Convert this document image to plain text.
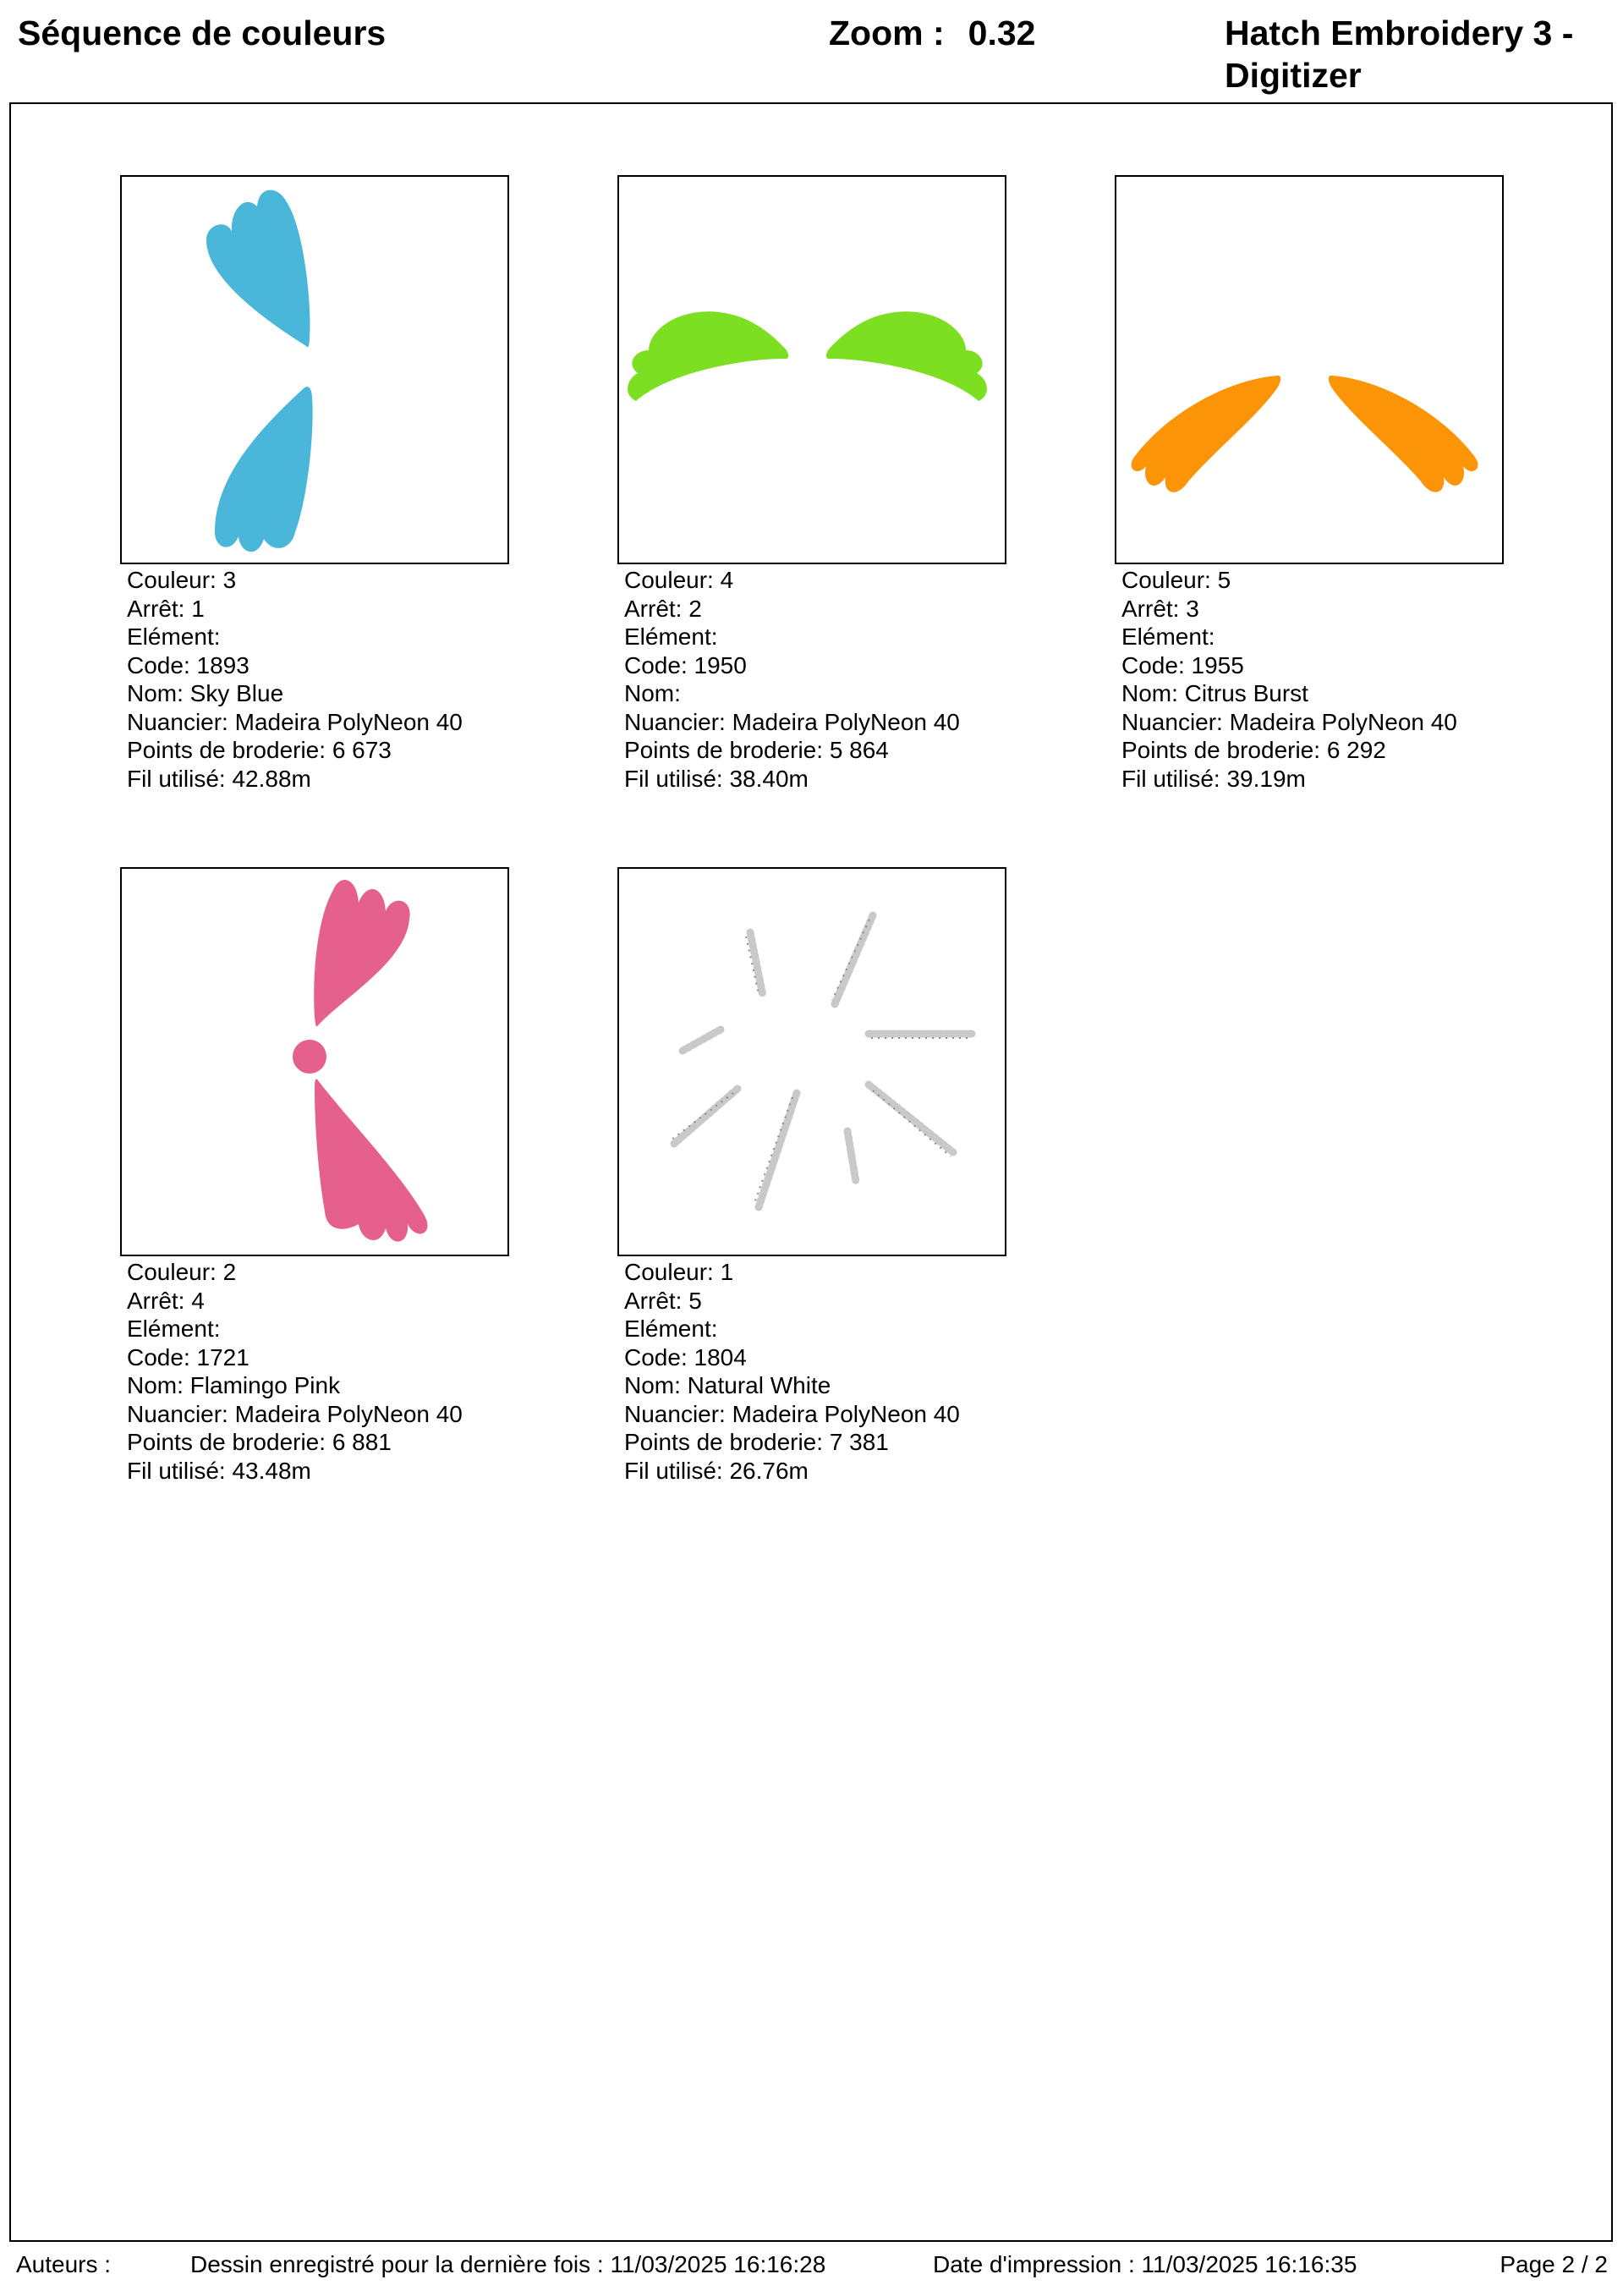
Séquence de couleurs	Zoom : 0.32	Hatch Embroidery 3 - Digitizer
Couleur: 3
Arrêt: 1
Elément:
Code: 1893
Nom: Sky Blue
Nuancier: Madeira PolyNeon 40
Points de broderie: 6 673
Fil utilisé: 42.88m
Couleur: 4
Arrêt: 2
Elément:
Code: 1950
Nom:
Nuancier: Madeira PolyNeon 40
Points de broderie: 5 864
Fil utilisé: 38.40m
Couleur: 5
Arrêt: 3
Elément:
Code: 1955
Nom: Citrus Burst
Nuancier: Madeira PolyNeon 40
Points de broderie: 6 292
Fil utilisé: 39.19m
Couleur: 2
Arrêt: 4
Elément:
Code: 1721
Nom: Flamingo Pink
Nuancier: Madeira PolyNeon 40
Points de broderie: 6 881
Fil utilisé: 43.48m
Couleur: 1
Arrêt: 5
Elément:
Code: 1804
Nom: Natural White
Nuancier: Madeira PolyNeon 40
Points de broderie: 7 381
Fil utilisé: 26.76m
Auteurs :	Dessin enregistré pour la dernière fois : 11/03/2025 16:16:28	Date d'impression : 11/03/2025 16:16:35	Page 2 / 2
